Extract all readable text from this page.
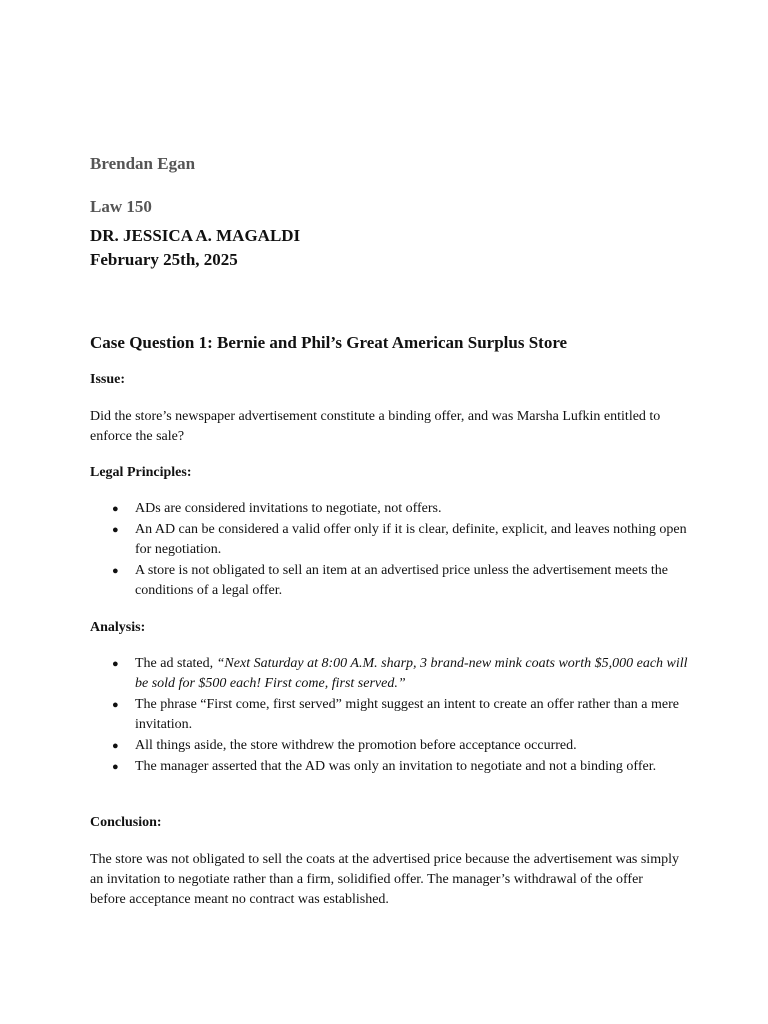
Brendan Egan
Law 150
DR. JESSICA A. MAGALDI
February 25th, 2025
Case Question 1: Bernie and Phil’s Great American Surplus Store
Issue:
Did the store’s newspaper advertisement constitute a binding offer, and was Marsha Lufkin entitled to enforce the sale?
Legal Principles:
● ADs are considered invitations to negotiate, not offers.
● An AD can be considered a valid offer only if it is clear, definite, explicit, and leaves nothing open for negotiation.
● A store is not obligated to sell an item at an advertised price unless the advertisement meets the conditions of a legal offer.
Analysis:
● The ad stated, “Next Saturday at 8:00 A.M. sharp, 3 brand-new mink coats worth $5,000 each will be sold for $500 each! First come, first served.”
● The phrase “First come, first served” might suggest an intent to create an offer rather than a mere invitation.
● All things aside, the store withdrew the promotion before acceptance occurred.
● The manager asserted that the AD was only an invitation to negotiate and not a binding offer.
Conclusion:
The store was not obligated to sell the coats at the advertised price because the advertisement was simply an invitation to negotiate rather than a firm, solidified offer. The manager’s withdrawal of the offer before acceptance meant no contract was established.
